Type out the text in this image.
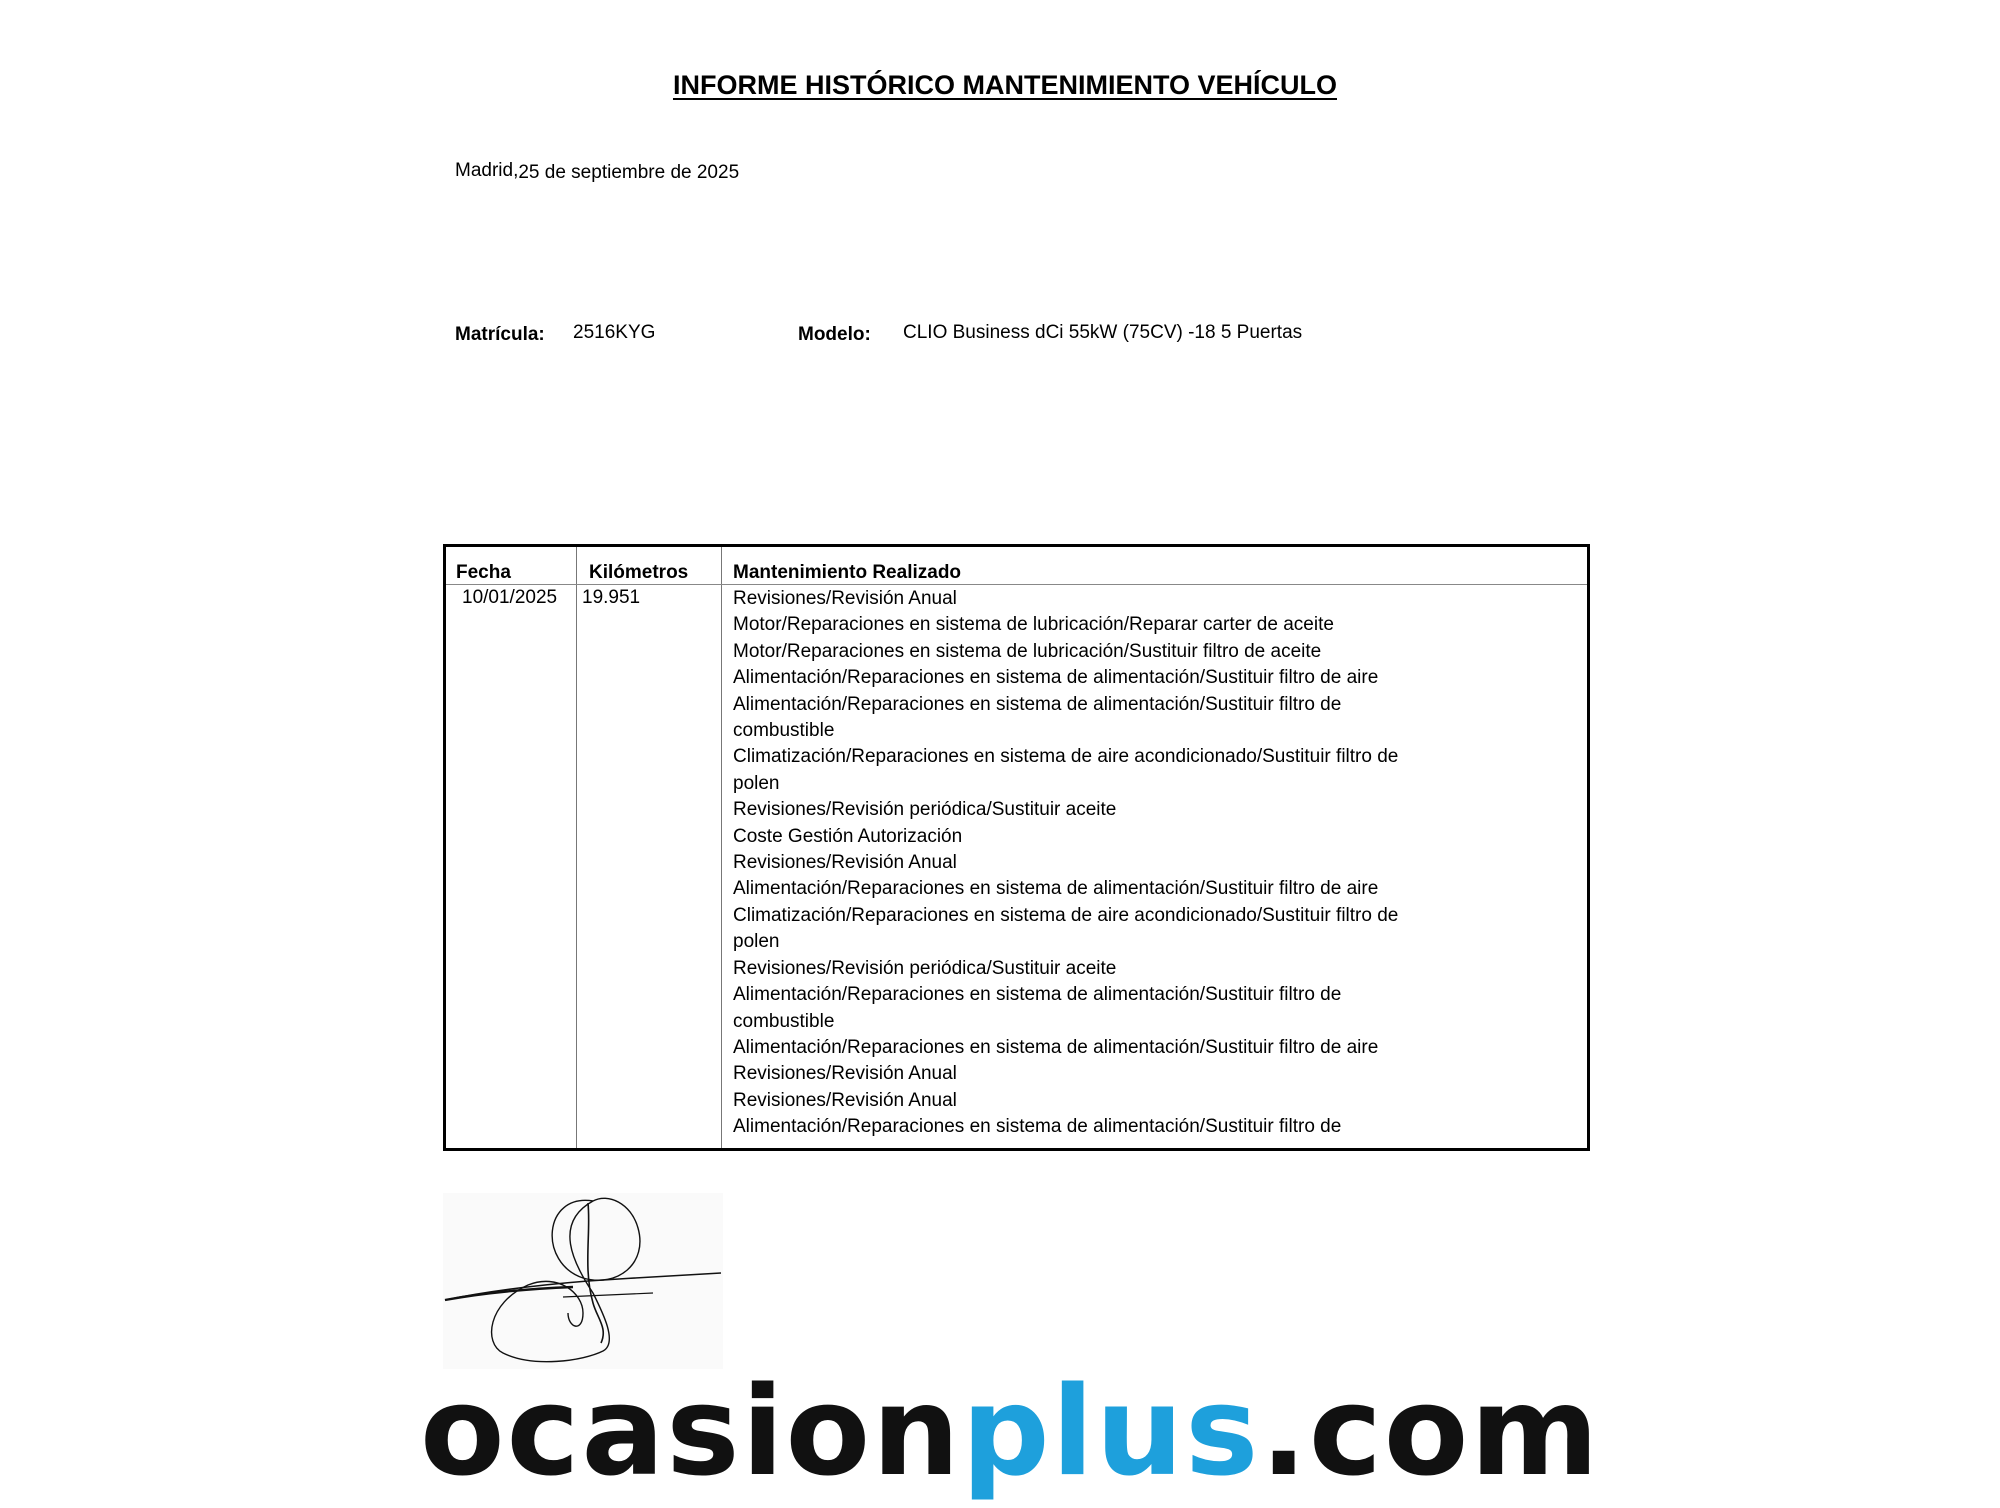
INFORME HISTÓRICO MANTENIMIENTO VEHÍCULO
Madrid,25 de septiembre de 2025
Matrícula: 2516KYG	Modelo: CLIO Business dCi 55kW (75CV) -18 5 Puertas
Fecha	Kilómetros Mantenimiento Realizado
10/01/2025 19.951	Revisiones/Revisión Anual
Motor/Reparaciones en sistema de lubricación/Reparar carter de aceite
Motor/Reparaciones en sistema de lubricación/Sustituir filtro de aceite
Alimentación/Reparaciones en sistema de alimentación/Sustituir filtro de aire
Alimentación/Reparaciones en sistema de alimentación/Sustituir filtro de
combustible
Climatización/Reparaciones en sistema de aire acondicionado/Sustituir filtro de
polen
Revisiones/Revisión periódica/Sustituir aceite
Coste Gestión Autorización
Revisiones/Revisión Anual
Alimentación/Reparaciones en sistema de alimentación/Sustituir filtro de aire
Climatización/Reparaciones en sistema de aire acondicionado/Sustituir filtro de
polen
Revisiones/Revisión periódica/Sustituir aceite
Alimentación/Reparaciones en sistema de alimentación/Sustituir filtro de
combustible
Alimentación/Reparaciones en sistema de alimentación/Sustituir filtro de aire
Revisiones/Revisión Anual
Revisiones/Revisión Anual
Alimentación/Reparaciones en sistema de alimentación/Sustituir filtro de
ocasionplus.com
